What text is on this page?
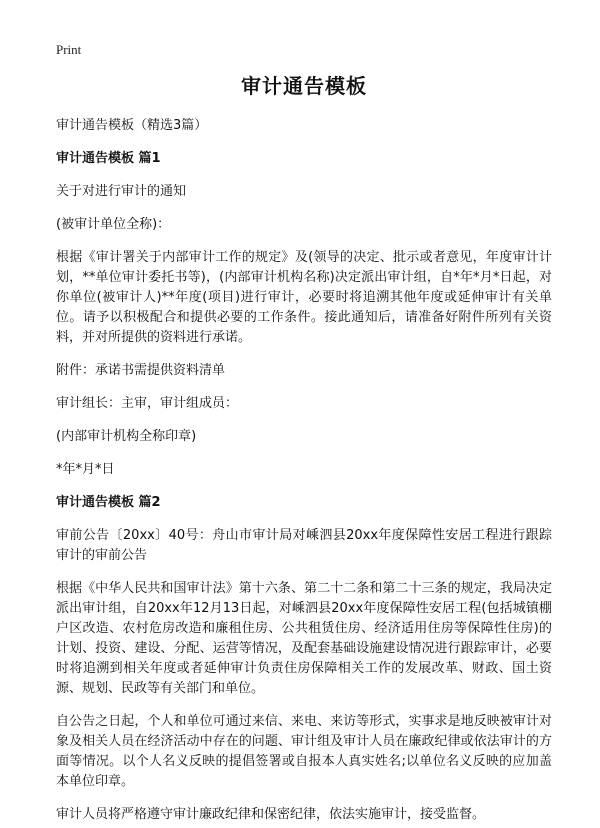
Print
审计通告模板
审计通告模板（精选3篇）
审计通告模板 篇1
关于对进行审计的通知
(被审计单位全称)：
根据《审计署关于内部审计工作的规定》及(领导的决定、批示或者意见，年度审计计划，**单位审计委托书等)，(内部审计机构名称)决定派出审计组，自*年*月*日起，对你单位(被审计人)**年度(项目)进行审计，必要时将追溯其他年度或延伸审计有关单位。请予以积极配合和提供必要的工作条件。接此通知后，请准备好附件所列有关资料，并对所提供的资料进行承诺。
附件：承诺书需提供资料清单
审计组长：主审，审计组成员：
(内部审计机构全称印章)
*年*月*日
审计通告模板 篇2
审前公告〔20xx〕40号：舟山市审计局对嵊泗县20xx年度保障性安居工程进行跟踪审计的审前公告
根据《中华人民共和国审计法》第十六条、第二十二条和第二十三条的规定，我局决定派出审计组，自20xx年12月13日起，对嵊泗县20xx年度保障性安居工程(包括城镇棚户区改造、农村危房改造和廉租住房、公共租赁住房、经济适用住房等保障性住房)的计划、投资、建设、分配、运营等情况，及配套基础设施建设情况进行跟踪审计，必要时将追溯到相关年度或者延伸审计负责住房保障相关工作的发展改革、财政、国土资源、规划、民政等有关部门和单位。
自公告之日起，个人和单位可通过来信、来电、来访等形式，实事求是地反映被审计对象及相关人员在经济活动中存在的问题、审计组及审计人员在廉政纪律或依法审计的方面等情况。以个人名义反映的提倡签署或自报本人真实姓名;以单位名义反映的应加盖本单位印章。
审计人员将严格遵守审计廉政纪律和保密纪律，依法实施审计，接受监督。
